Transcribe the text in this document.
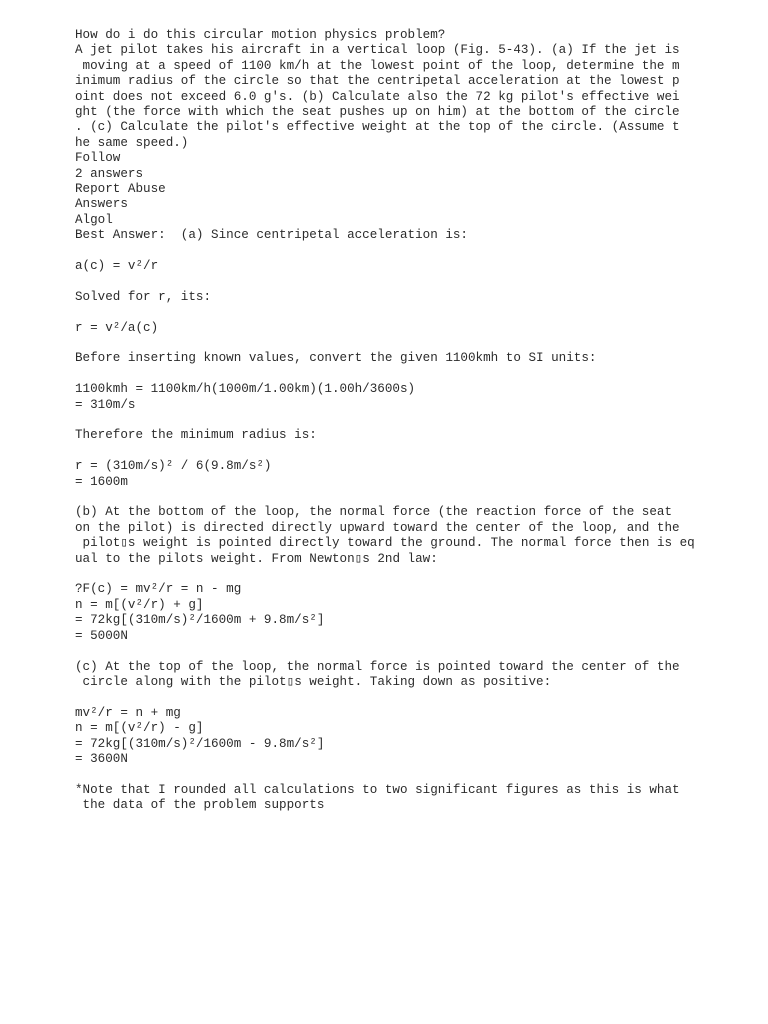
How do i do this circular motion physics problem?
A jet pilot takes his aircraft in a vertical loop (Fig. 5-43). (a) If the jet is
moving at a speed of 1100 km/h at the lowest point of the loop, determine the m
inimum radius of the circle so that the centripetal acceleration at the lowest p
oint does not exceed 6.0 g's. (b) Calculate also the 72 kg pilot's effective wei
ght (the force with which the seat pushes up on him) at the bottom of the circle
. (c) Calculate the pilot's effective weight at the top of the circle. (Assume t
he same speed.)
Follow
2 answers
Report Abuse
Answers
Algol
Best Answer:  (a) Since centripetal acceleration is:
a(c) = v²/r
Solved for r, its:
r = v²/a(c)
Before inserting known values, convert the given 1100kmh to SI units:
1100kmh = 1100km/h(1000m/1.00km)(1.00h/3600s)
= 310m/s
Therefore the minimum radius is:
r = (310m/s)² / 6(9.8m/s²)
= 1600m
(b) At the bottom of the loop, the normal force (the reaction force of the seat
on the pilot) is directed directly upward toward the center of the loop, and the
pilot▯s weight is pointed directly toward the ground. The normal force then is eq
ual to the pilots weight. From Newton▯s 2nd law:
?F(c) = mv²/r = n - mg
n = m[(v²/r) + g]
= 72kg[(310m/s)²/1600m + 9.8m/s²]
= 5000N
(c) At the top of the loop, the normal force is pointed toward the center of the
circle along with the pilot▯s weight. Taking down as positive:
mv²/r = n + mg
n = m[(v²/r) - g]
= 72kg[(310m/s)²/1600m - 9.8m/s²]
= 3600N
*Note that I rounded all calculations to two significant figures as this is what
the data of the problem supports
